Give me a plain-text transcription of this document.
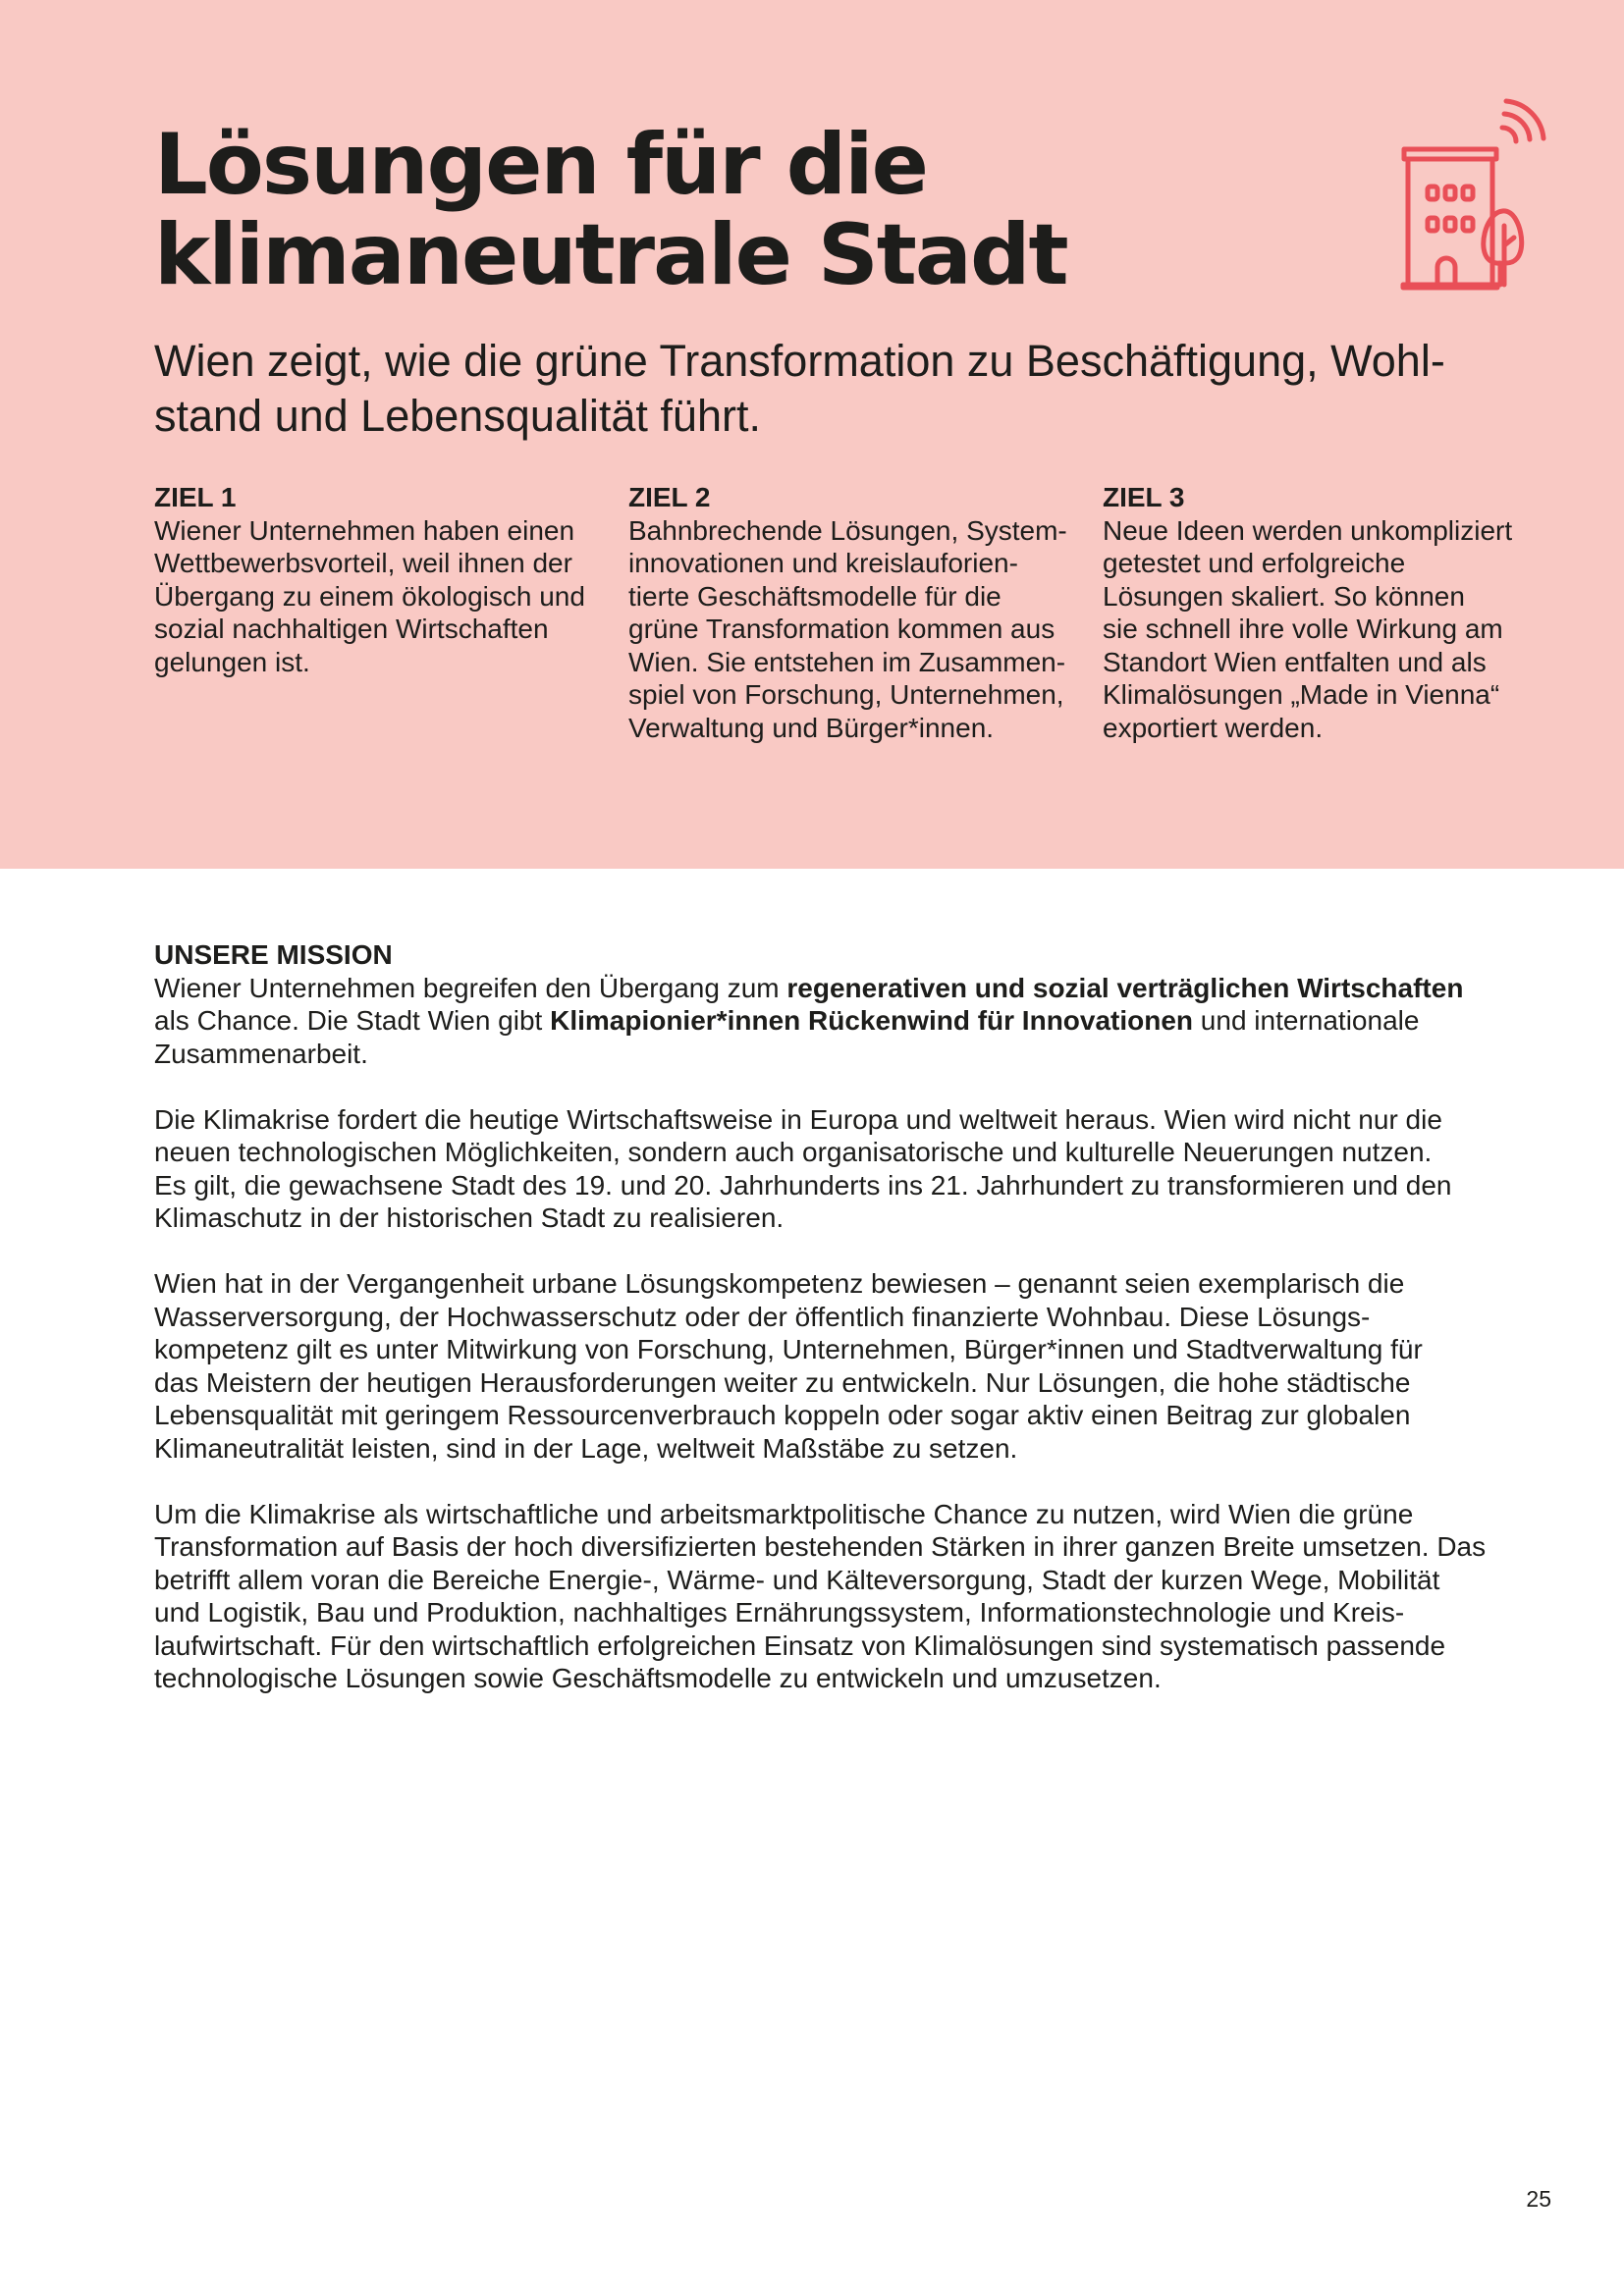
Lösungen für die
klimaneutrale Stadt
Wien zeigt, wie die grüne Transformation zu Beschäftigung, Wohl-
stand und Lebensqualität führt.
ZIEL 1
Wiener Unternehmen haben einen
Wettbewerbsvorteil, weil ihnen der
Übergang zu einem ökologisch und
sozial nachhaltigen Wirtschaften
gelungen ist.
ZIEL 2
Bahnbrechende Lösungen, System-
innovationen und kreislauforien-
tierte Geschäftsmodelle für die
grüne Transformation kommen aus
Wien. Sie entstehen im Zusammen-
spiel von Forschung, Unternehmen,
Verwaltung und Bürger*innen.
ZIEL 3
Neue Ideen werden unkompliziert
getestet und erfolgreiche
Lösungen skaliert. So können
sie schnell ihre volle Wirkung am
Standort Wien entfalten und als
Klimalösungen „Made in Vienna“
exportiert werden.
UNSERE MISSION
Wiener Unternehmen begreifen den Übergang zum regenerativen und sozial verträglichen Wirtschaften
als Chance. Die Stadt Wien gibt Klimapionier*innen Rückenwind für Innovationen und internationale
Zusammenarbeit.
Die Klimakrise fordert die heutige Wirtschaftsweise in Europa und weltweit heraus. Wien wird nicht nur die
neuen technologischen Möglichkeiten, sondern auch organisatorische und kulturelle Neuerungen nutzen.
Es gilt, die gewachsene Stadt des 19. und 20. Jahrhunderts ins 21. Jahrhundert zu transformieren und den
Klimaschutz in der historischen Stadt zu realisieren.
Wien hat in der Vergangenheit urbane Lösungskompetenz bewiesen – genannt seien exemplarisch die
Wasserversorgung, der Hochwasserschutz oder der öffentlich finanzierte Wohnbau. Diese Lösungs-
kompetenz gilt es unter Mitwirkung von Forschung, Unternehmen, Bürger*innen und Stadtverwaltung für
das Meistern der heutigen Herausforderungen weiter zu entwickeln. Nur Lösungen, die hohe städtische
Lebensqualität mit geringem Ressourcenverbrauch koppeln oder sogar aktiv einen Beitrag zur globalen
Klimaneutralität leisten, sind in der Lage, weltweit Maßstäbe zu setzen.
Um die Klimakrise als wirtschaftliche und arbeitsmarktpolitische Chance zu nutzen, wird Wien die grüne
Transformation auf Basis der hoch diversifizierten bestehenden Stärken in ihrer ganzen Breite umsetzen. Das
betrifft allem voran die Bereiche Energie-, Wärme- und Kälteversorgung, Stadt der kurzen Wege, Mobilität
und Logistik, Bau und Produktion, nachhaltiges Ernährungssystem, Informationstechnologie und Kreis-
laufwirtschaft. Für den wirtschaftlich erfolgreichen Einsatz von Klimalösungen sind systematisch passende
technologische Lösungen sowie Geschäftsmodelle zu entwickeln und umzusetzen.
25
